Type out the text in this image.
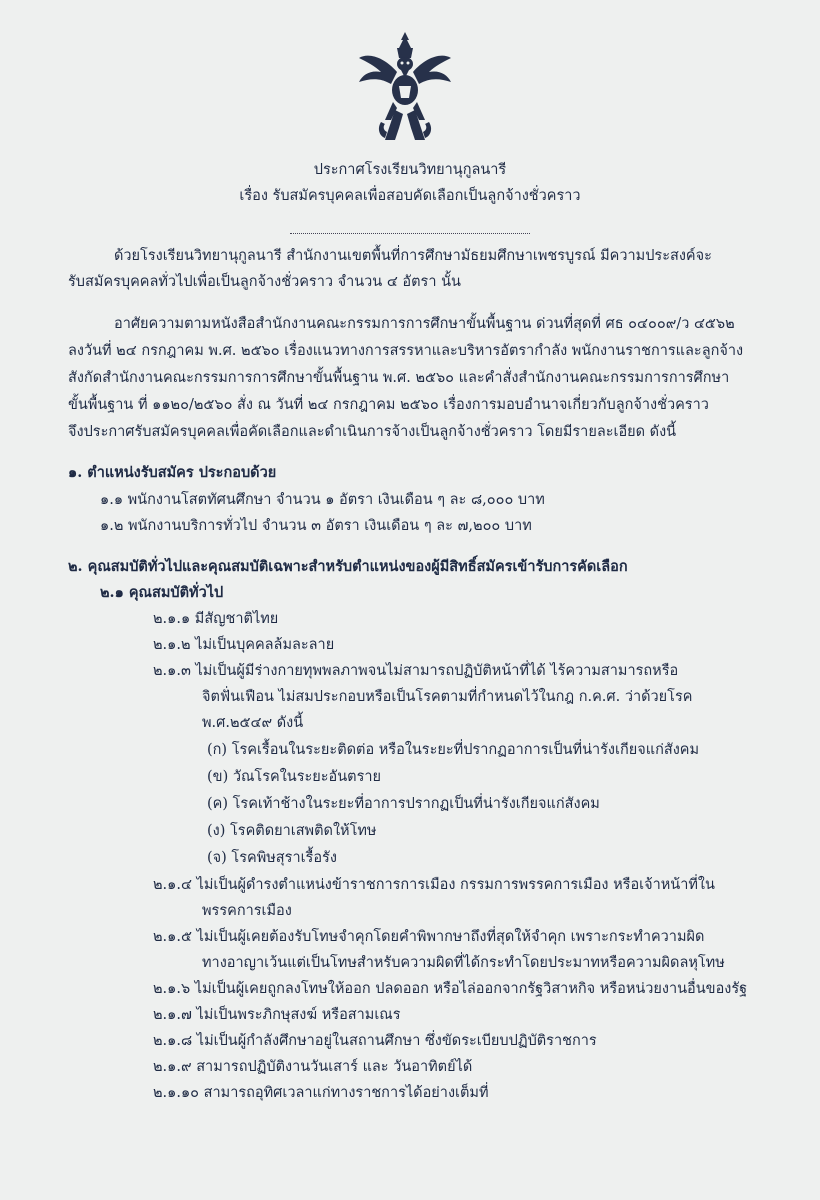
ประกาศโรงเรียนวิทยานุกูลนารี
เรื่อง รับสมัครบุคคลเพื่อสอบคัดเลือกเป็นลูกจ้างชั่วคราว
ด้วยโรงเรียนวิทยานุกูลนารี สำนักงานเขตพื้นที่การศึกษามัธยมศึกษาเพชรบูรณ์ มีความประสงค์จะ
รับสมัครบุคคลทั่วไปเพื่อเป็นลูกจ้างชั่วคราว จำนวน ๔ อัตรา นั้น
อาศัยความตามหนังสือสำนักงานคณะกรรมการการศึกษาขั้นพื้นฐาน ด่วนที่สุดที่ ศธ ๐๔๐๐๙/ว ๔๕๖๒
ลงวันที่ ๒๔ กรกฎาคม พ.ศ. ๒๕๖๐ เรื่องแนวทางการสรรหาและบริหารอัตรากำลัง พนักงานราชการและลูกจ้าง
สังกัดสำนักงานคณะกรรมการการศึกษาขั้นพื้นฐาน พ.ศ. ๒๕๖๐ และคำสั่งสำนักงานคณะกรรมการการศึกษา
ขั้นพื้นฐาน ที่ ๑๑๒๐/๒๕๖๐ สั่ง ณ วันที่ ๒๔ กรกฎาคม ๒๕๖๐ เรื่องการมอบอำนาจเกี่ยวกับลูกจ้างชั่วคราว
จึงประกาศรับสมัครบุคคลเพื่อคัดเลือกและดำเนินการจ้างเป็นลูกจ้างชั่วคราว โดยมีรายละเอียด ดังนี้
๑. ตำแหน่งรับสมัคร ประกอบด้วย
๑.๑ พนักงานโสตทัศนศึกษา จำนวน ๑ อัตรา เงินเดือน ๆ ละ ๘,๐๐๐ บาท
๑.๒ พนักงานบริการทั่วไป จำนวน ๓ อัตรา เงินเดือน ๆ ละ ๗,๒๐๐ บาท
๒. คุณสมบัติทั่วไปและคุณสมบัติเฉพาะสำหรับตำแหน่งของผู้มีสิทธิ์สมัครเข้ารับการคัดเลือก
๒.๑ คุณสมบัติทั่วไป
๒.๑.๑ มีสัญชาติไทย
๒.๑.๒ ไม่เป็นบุคคลล้มละลาย
๒.๑.๓ ไม่เป็นผู้มีร่างกายทุพพลภาพจนไม่สามารถปฏิบัติหน้าที่ได้ ไร้ความสามารถหรือ
จิตฟั่นเฟือน ไม่สมประกอบหรือเป็นโรคตามที่กำหนดไว้ในกฎ ก.ค.ศ. ว่าด้วยโรค
พ.ศ.๒๕๔๙ ดังนี้
(ก) โรคเรื้อนในระยะติดต่อ หรือในระยะที่ปรากฏอาการเป็นที่น่ารังเกียจแก่สังคม
(ข) วัณโรคในระยะอันตราย
(ค) โรคเท้าช้างในระยะที่อาการปรากฏเป็นที่น่ารังเกียจแก่สังคม
(ง) โรคติดยาเสพติดให้โทษ
(จ) โรคพิษสุราเรื้อรัง
๒.๑.๔ ไม่เป็นผู้ดำรงตำแหน่งข้าราชการการเมือง กรรมการพรรคการเมือง หรือเจ้าหน้าที่ใน
พรรคการเมือง
๒.๑.๕ ไม่เป็นผู้เคยต้องรับโทษจำคุกโดยคำพิพากษาถึงที่สุดให้จำคุก เพราะกระทำความผิด
ทางอาญาเว้นแต่เป็นโทษสำหรับความผิดที่ได้กระทำโดยประมาทหรือความผิดลหุโทษ
๒.๑.๖ ไม่เป็นผู้เคยถูกลงโทษให้ออก ปลดออก หรือไล่ออกจากรัฐวิสาหกิจ หรือหน่วยงานอื่นของรัฐ
๒.๑.๗ ไม่เป็นพระภิกษุสงฆ์ หรือสามเณร
๒.๑.๘ ไม่เป็นผู้กำลังศึกษาอยู่ในสถานศึกษา ซึ่งขัดระเบียบปฏิบัติราชการ
๒.๑.๙ สามารถปฏิบัติงานวันเสาร์ และ วันอาทิตย์ได้
๒.๑.๑๐ สามารถอุทิศเวลาแก่ทางราชการได้อย่างเต็มที่
